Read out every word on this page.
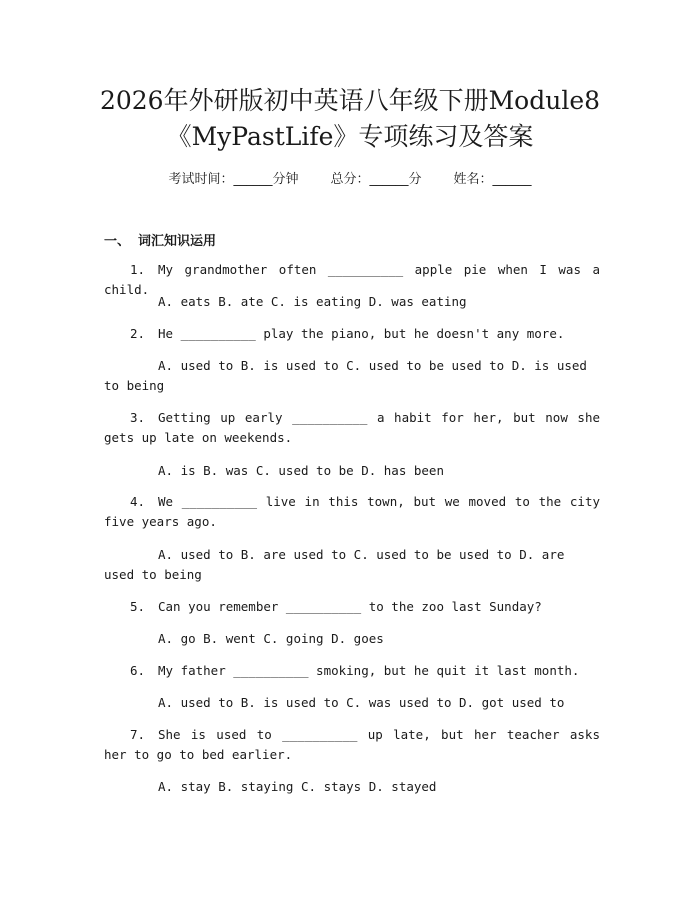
2026年外研版初中英语八年级下册Module8
《MyPastLife》专项练习及答案
考试时间：______分钟 总分：______分 姓名：______
一、 词汇知识运用
1. My grandmother often __________ apple pie when I was a child.
A. eats B. ate C. is eating D. was eating
2. He __________ play the piano, but he doesn't any more.
A. used to B. is used to C. used to be used to D. is used to being
3. Getting up early __________ a habit for her, but now she gets up late on weekends.
A. is B. was C. used to be D. has been
4. We __________ live in this town, but we moved to the city five years ago.
A. used to B. are used to C. used to be used to D. are used to being
5. Can you remember __________ to the zoo last Sunday?
A. go B. went C. going D. goes
6. My father __________ smoking, but he quit it last month.
A. used to B. is used to C. was used to D. got used to
7. She is used to __________ up late, but her teacher asks her to go to bed earlier.
A. stay B. staying C. stays D. stayed
